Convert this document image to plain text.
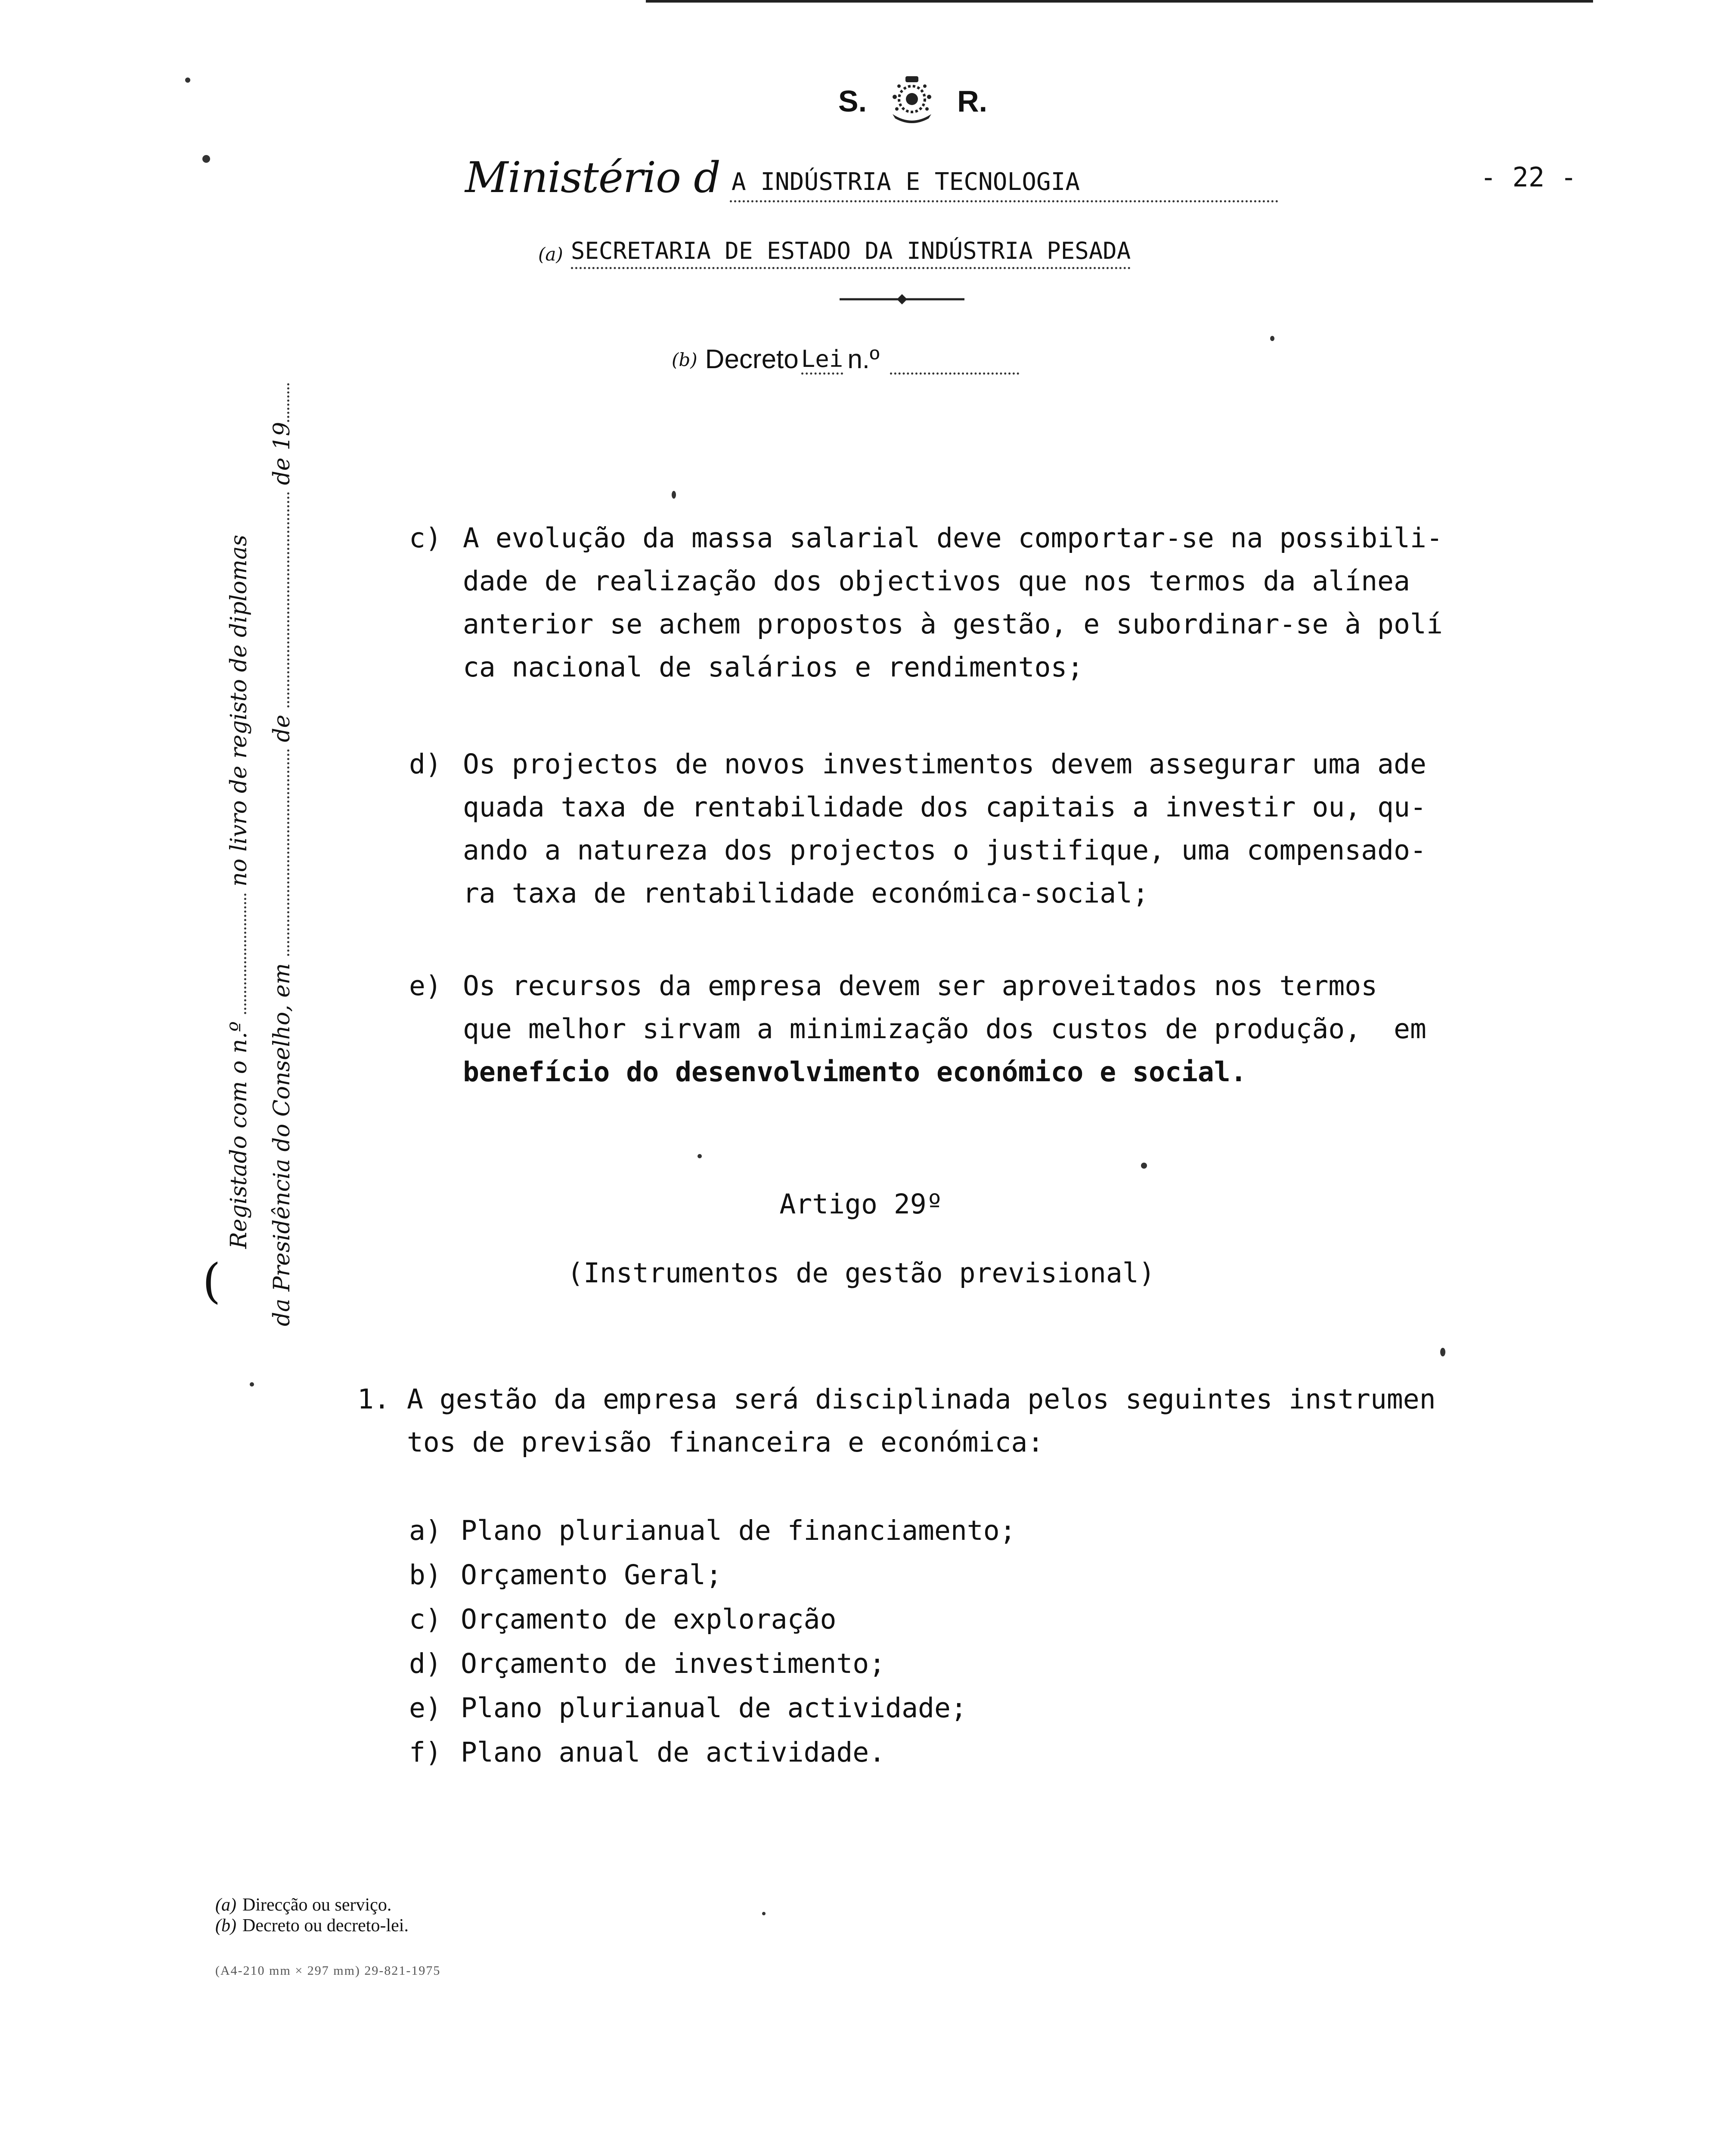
S.	R.
Ministério d A INDÚSTRIA E TECNOLOGIA	- 22 -
(a) SECRETARIA DE ESTADO DA INDÚSTRIA PESADA
(b) Decreto Lei n.º
Registado com o n.º  no livro de registo de diplomas
da Presidência do Conselho, em  de  de 19
(
c) A evolução da massa salarial deve comportar-se na possibili-
dade de realização dos objectivos que nos termos da alínea
anterior se achem propostos à gestão, e subordinar-se à polí
ca nacional de salários e rendimentos;
d) Os projectos de novos investimentos devem assegurar uma ade
quada taxa de rentabilidade dos capitais a investir ou, qu-
ando a natureza dos projectos o justifique, uma compensado-
ra taxa de rentabilidade económica-social;
e) Os recursos da empresa devem ser aproveitados nos termos
que melhor sirvam a minimização dos custos de produção,  em
benefício do desenvolvimento económico e social.
Artigo 29º
(Instrumentos de gestão previsional)
1. A gestão da empresa será disciplinada pelos seguintes instrumen
tos de previsão financeira e económica:
a) Plano plurianual de financiamento;
b) Orçamento Geral;
c) Orçamento de exploração
d) Orçamento de investimento;
e) Plano plurianual de actividade;
f) Plano anual de actividade.
(a) Direcção ou serviço.
(b) Decreto ou decreto-lei.
(A4-210 mm × 297 mm) 29-821-1975
